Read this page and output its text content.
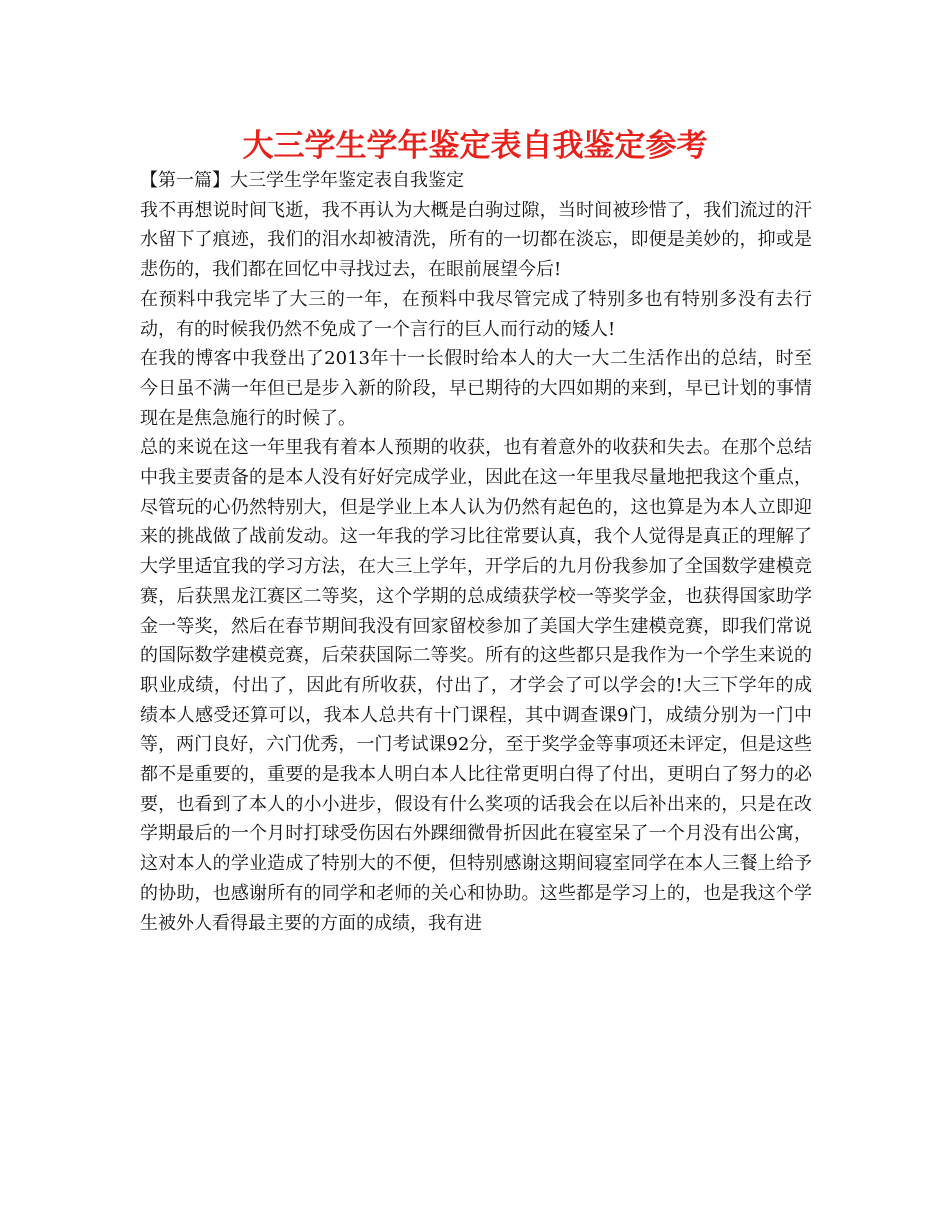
大三学生学年鉴定表自我鉴定参考

【第一篇】大三学生学年鉴定表自我鉴定

我不再想说时间飞逝，我不再认为大概是白驹过隙，当时间被珍惜了，我们流过的汗水留下了痕迹，我们的泪水却被清洗，所有的一切都在淡忘，即便是美妙的，抑或是悲伤的，我们都在回忆中寻找过去，在眼前展望今后!

在预料中我完毕了大三的一年，在预料中我尽管完成了特别多也有特别多没有去行动，有的时候我仍然不免成了一个言行的巨人而行动的矮人!

在我的博客中我登出了2013年十一长假时给本人的大一大二生活作出的总结，时至今日虽不满一年但已是步入新的阶段，早已期待的大四如期的来到，早已计划的事情现在是焦急施行的时候了。

总的来说在这一年里我有着本人预期的收获，也有着意外的收获和失去。在那个总结中我主要责备的是本人没有好好完成学业，因此在这一年里我尽量地把我这个重点，尽管玩的心仍然特别大，但是学业上本人认为仍然有起色的，这也算是为本人立即迎来的挑战做了战前发动。这一年我的学习比往常要认真，我个人觉得是真正的理解了大学里适宜我的学习方法，在大三上学年，开学后的九月份我参加了全国数学建模竞赛，后获黑龙江赛区二等奖，这个学期的总成绩获学校一等奖学金，也获得国家助学金一等奖，然后在春节期间我没有回家留校参加了美国大学生建模竞赛，即我们常说的国际数学建模竞赛，后荣获国际二等奖。所有的这些都只是我作为一个学生来说的职业成绩，付出了，因此有所收获，付出了，才学会了可以学会的!大三下学年的成绩本人感受还算可以，我本人总共有十门课程，其中调查课9门，成绩分别为一门中等，两门良好，六门优秀，一门考试课92分，至于奖学金等事项还未评定，但是这些都不是重要的，重要的是我本人明白本人比往常更明白得了付出，更明白了努力的必要，也看到了本人的小小进步，假设有什么奖项的话我会在以后补出来的，只是在改学期最后的一个月时打球受伤因右外踝细微骨折因此在寝室呆了一个月没有出公寓，这对本人的学业造成了特别大的不便，但特别感谢这期间寝室同学在本人三餐上给予的协助，也感谢所有的同学和老师的关心和协助。这些都是学习上的，也是我这个学生被外人看得最主要的方面的成绩，我有进
